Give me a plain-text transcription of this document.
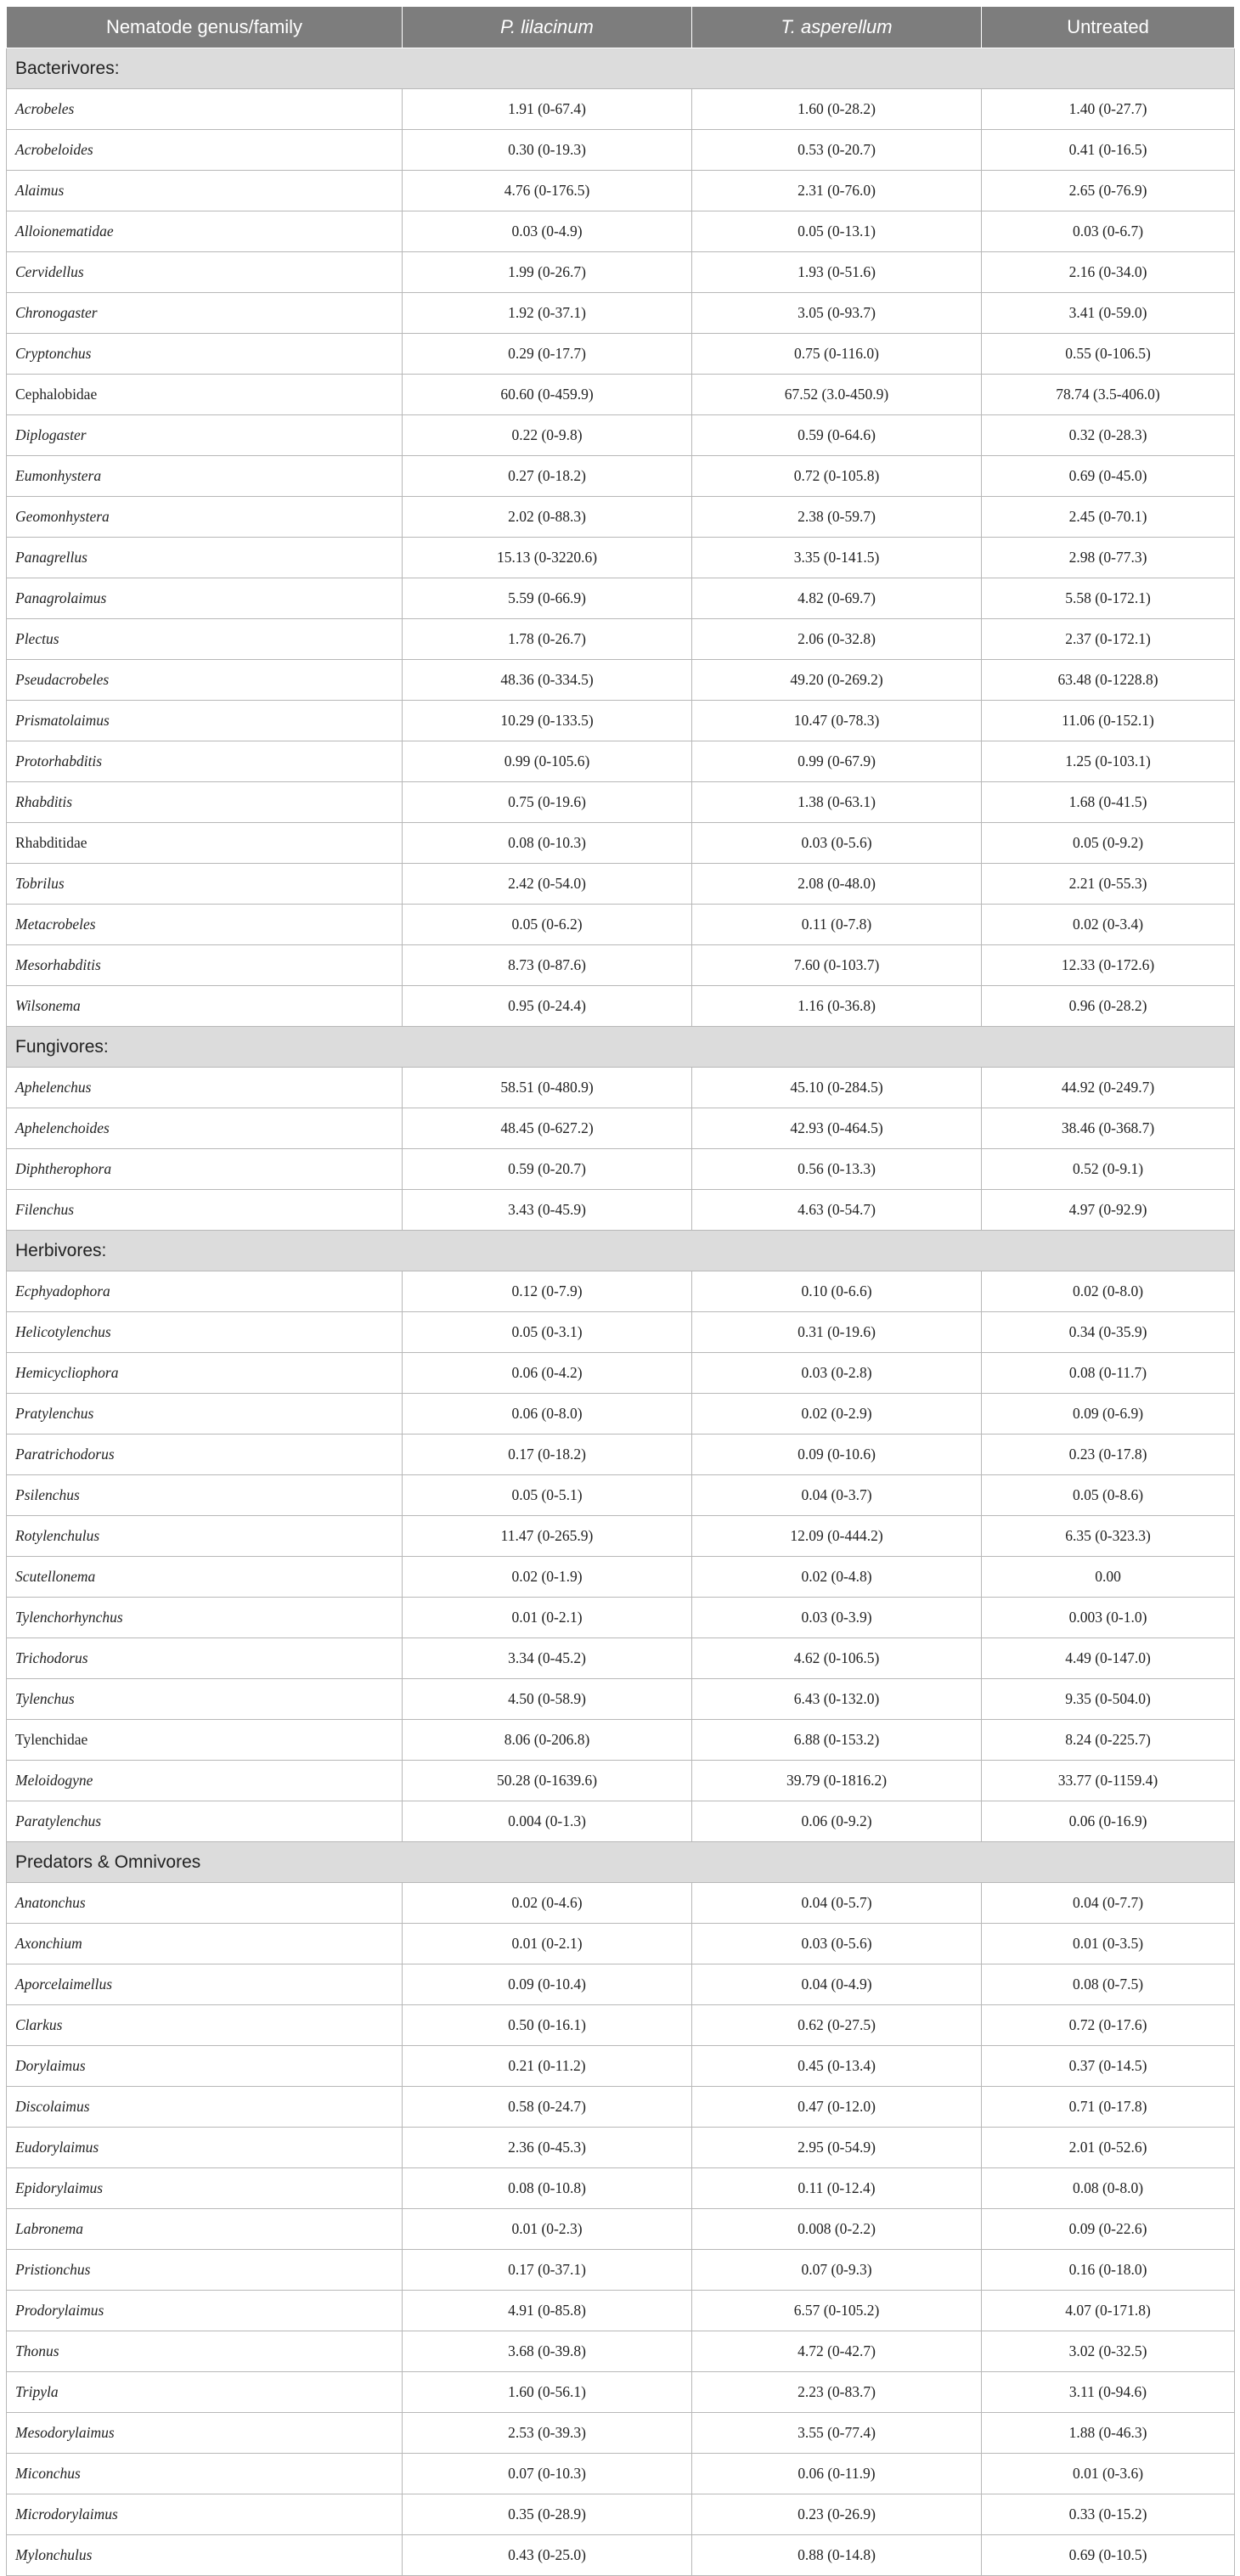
Nematode genus/family	P. lilacinum	T. asperellum	Untreated
Bacterivores:			
Acrobeles	1.91 (0-67.4)	1.60 (0-28.2)	1.40 (0-27.7)
Acrobeloides	0.30 (0-19.3)	0.53 (0-20.7)	0.41 (0-16.5)
Alaimus	4.76 (0-176.5)	2.31 (0-76.0)	2.65 (0-76.9)
Alloionematidae	0.03 (0-4.9)	0.05 (0-13.1)	0.03 (0-6.7)
Cervidellus	1.99 (0-26.7)	1.93 (0-51.6)	2.16 (0-34.0)
Chronogaster	1.92 (0-37.1)	3.05 (0-93.7)	3.41 (0-59.0)
Cryptonchus	0.29 (0-17.7)	0.75 (0-116.0)	0.55 (0-106.5)
Cephalobidae	60.60 (0-459.9)	67.52 (3.0-450.9)	78.74 (3.5-406.0)
Diplogaster	0.22 (0-9.8)	0.59 (0-64.6)	0.32 (0-28.3)
Eumonhystera	0.27 (0-18.2)	0.72 (0-105.8)	0.69 (0-45.0)
Geomonhystera	2.02 (0-88.3)	2.38 (0-59.7)	2.45 (0-70.1)
Panagrellus	15.13 (0-3220.6)	3.35 (0-141.5)	2.98 (0-77.3)
Panagrolaimus	5.59 (0-66.9)	4.82 (0-69.7)	5.58 (0-172.1)
Plectus	1.78 (0-26.7)	2.06 (0-32.8)	2.37 (0-172.1)
Pseudacrobeles	48.36 (0-334.5)	49.20 (0-269.2)	63.48 (0-1228.8)
Prismatolaimus	10.29 (0-133.5)	10.47 (0-78.3)	11.06 (0-152.1)
Protorhabditis	0.99 (0-105.6)	0.99 (0-67.9)	1.25 (0-103.1)
Rhabditis	0.75 (0-19.6)	1.38 (0-63.1)	1.68 (0-41.5)
Rhabditidae	0.08 (0-10.3)	0.03 (0-5.6)	0.05 (0-9.2)
Tobrilus	2.42 (0-54.0)	2.08 (0-48.0)	2.21 (0-55.3)
Metacrobeles	0.05 (0-6.2)	0.11 (0-7.8)	0.02 (0-3.4)
Mesorhabditis	8.73 (0-87.6)	7.60 (0-103.7)	12.33 (0-172.6)
Wilsonema	0.95 (0-24.4)	1.16 (0-36.8)	0.96 (0-28.2)
Fungivores:			
Aphelenchus	58.51 (0-480.9)	45.10 (0-284.5)	44.92 (0-249.7)
Aphelenchoides	48.45 (0-627.2)	42.93 (0-464.5)	38.46 (0-368.7)
Diphtherophora	0.59 (0-20.7)	0.56 (0-13.3)	0.52 (0-9.1)
Filenchus	3.43 (0-45.9)	4.63 (0-54.7)	4.97 (0-92.9)
Herbivores:			
Ecphyadophora	0.12 (0-7.9)	0.10 (0-6.6)	0.02 (0-8.0)
Helicotylenchus	0.05 (0-3.1)	0.31 (0-19.6)	0.34 (0-35.9)
Hemicycliophora	0.06 (0-4.2)	0.03 (0-2.8)	0.08 (0-11.7)
Pratylenchus	0.06 (0-8.0)	0.02 (0-2.9)	0.09 (0-6.9)
Paratrichodorus	0.17 (0-18.2)	0.09 (0-10.6)	0.23 (0-17.8)
Psilenchus	0.05 (0-5.1)	0.04 (0-3.7)	0.05 (0-8.6)
Rotylenchulus	11.47 (0-265.9)	12.09 (0-444.2)	6.35 (0-323.3)
Scutellonema	0.02 (0-1.9)	0.02 (0-4.8)	0.00
Tylenchorhynchus	0.01 (0-2.1)	0.03 (0-3.9)	0.003 (0-1.0)
Trichodorus	3.34 (0-45.2)	4.62 (0-106.5)	4.49 (0-147.0)
Tylenchus	4.50 (0-58.9)	6.43 (0-132.0)	9.35 (0-504.0)
Tylenchidae	8.06 (0-206.8)	6.88 (0-153.2)	8.24 (0-225.7)
Meloidogyne	50.28 (0-1639.6)	39.79 (0-1816.2)	33.77 (0-1159.4)
Paratylenchus	0.004 (0-1.3)	0.06 (0-9.2)	0.06 (0-16.9)
Predators & Omnivores			
Anatonchus	0.02 (0-4.6)	0.04 (0-5.7)	0.04 (0-7.7)
Axonchium	0.01 (0-2.1)	0.03 (0-5.6)	0.01 (0-3.5)
Aporcelaimellus	0.09 (0-10.4)	0.04 (0-4.9)	0.08 (0-7.5)
Clarkus	0.50 (0-16.1)	0.62 (0-27.5)	0.72 (0-17.6)
Dorylaimus	0.21 (0-11.2)	0.45 (0-13.4)	0.37 (0-14.5)
Discolaimus	0.58 (0-24.7)	0.47 (0-12.0)	0.71 (0-17.8)
Eudorylaimus	2.36 (0-45.3)	2.95 (0-54.9)	2.01 (0-52.6)
Epidorylaimus	0.08 (0-10.8)	0.11 (0-12.4)	0.08 (0-8.0)
Labronema	0.01 (0-2.3)	0.008 (0-2.2)	0.09 (0-22.6)
Pristionchus	0.17 (0-37.1)	0.07 (0-9.3)	0.16 (0-18.0)
Prodorylaimus	4.91 (0-85.8)	6.57 (0-105.2)	4.07 (0-171.8)
Thonus	3.68 (0-39.8)	4.72 (0-42.7)	3.02 (0-32.5)
Tripyla	1.60 (0-56.1)	2.23 (0-83.7)	3.11 (0-94.6)
Mesodorylaimus	2.53 (0-39.3)	3.55 (0-77.4)	1.88 (0-46.3)
Miconchus	0.07 (0-10.3)	0.06 (0-11.9)	0.01 (0-3.6)
Microdorylaimus	0.35 (0-28.9)	0.23 (0-26.9)	0.33 (0-15.2)
Mylonchulus	0.43 (0-25.0)	0.88 (0-14.8)	0.69 (0-10.5)
